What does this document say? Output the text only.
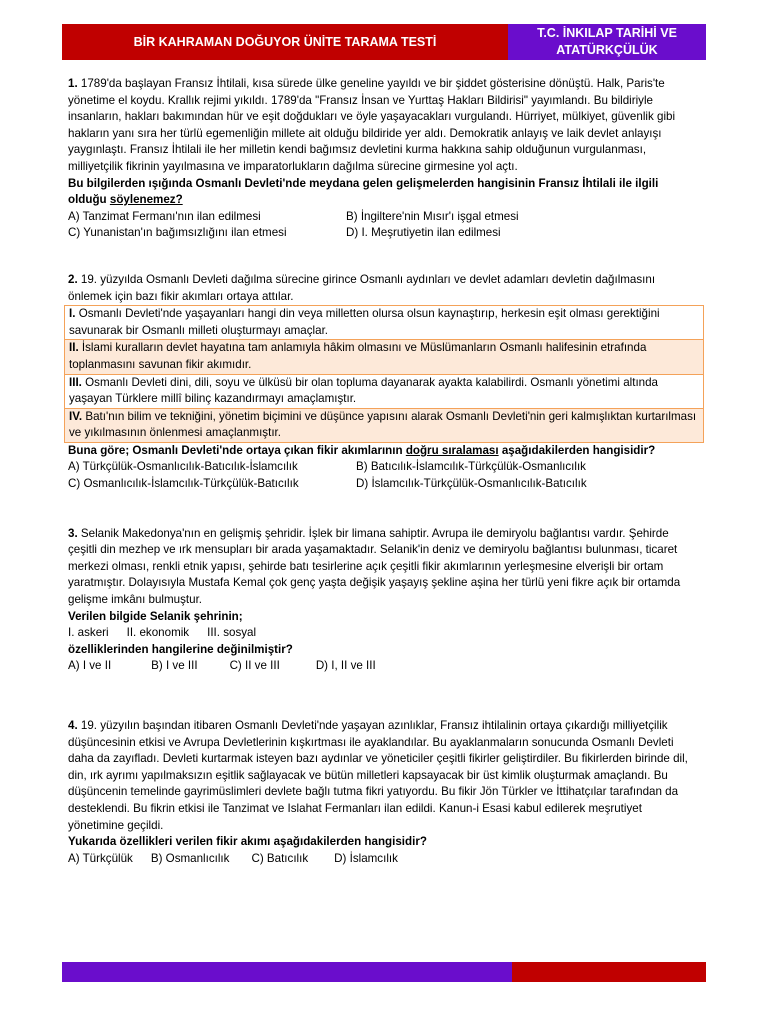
BİR KAHRAMAN DOĞUYOR ÜNİTE TARAMA TESTİ
T.C. İNKILAP TARİHİ VE
ATATÜRKÇÜLÜK
1. 1789'da başlayan Fransız İhtilali, kısa sürede ülke geneline yayıldı ve bir şiddet gösterisine dönüştü. Halk, Paris'te yönetime el koydu. Krallık rejimi yıkıldı. 1789'da "Fransız İnsan ve Yurttaş Hakları Bildirisi" yayımlandı. Bu bildiriyle insanların, hakları bakımından hür ve eşit doğdukları ve öyle yaşayacakları vurgulandı. Hürriyet, mülkiyet, güvenlik gibi hakların yanı sıra her türlü egemenliğin millete ait olduğu bildiride yer aldı. Demokratik anlayış ve laik devlet anlayışı yaygınlaştı. Fransız İhtilali ile her milletin kendi bağımsız devletini kurma hakkına sahip olduğunun vurgulanması, milliyetçilik fikrinin yayılmasına ve imparatorlukların dağılma sürecine girmesine yol açtı.
Bu bilgilerden ışığında Osmanlı Devleti'nde meydana gelen gelişmelerden hangisinin Fransız İhtilali ile ilgili olduğu söylenemez?
A) Tanzimat Fermanı'nın ilan edilmesi	B) İngiltere'nin Mısır'ı işgal etmesi
C) Yunanistan'ın bağımsızlığını ilan etmesi	D) I. Meşrutiyetin ilan edilmesi
2. 19. yüzyılda Osmanlı Devleti dağılma sürecine girince Osmanlı aydınları ve devlet adamları devletin dağılmasını önlemek için bazı fikir akımları ortaya attılar.
I. Osmanlı Devleti'nde yaşayanları hangi din veya milletten olursa olsun kaynaştırıp, herkesin eşit olması gerektiğini savunarak bir Osmanlı milleti oluşturmayı amaçlar.
II. İslami kuralların devlet hayatına tam anlamıyla hâkim olmasını ve Müslümanların Osmanlı halifesinin etrafında toplanmasını savunan fikir akımıdır.
III. Osmanlı Devleti dini, dili, soyu ve ülküsü bir olan topluma dayanarak ayakta kalabilirdi. Osmanlı yönetimi altında yaşayan Türklere millî bilinç kazandırmayı amaçlamıştır.
IV. Batı'nın bilim ve tekniğini, yönetim biçimini ve düşünce yapısını alarak Osmanlı Devleti'nin geri kalmışlıktan kurtarılması ve yıkılmasının önlenmesi amaçlanmıştır.
Buna göre; Osmanlı Devleti'nde ortaya çıkan fikir akımlarının doğru sıralaması aşağıdakilerden hangisidir?
A) Türkçülük-Osmanlıcılık-Batıcılık-İslamcılık	B) Batıcılık-İslamcılık-Türkçülük-Osmanlıcılık
C) Osmanlıcılık-İslamcılık-Türkçülük-Batıcılık	D) İslamcılık-Türkçülük-Osmanlıcılık-Batıcılık
3. Selanik Makedonya'nın en gelişmiş şehridir. İşlek bir limana sahiptir. Avrupa ile demiryolu bağlantısı vardır. Şehirde çeşitli din mezhep ve ırk mensupları bir arada yaşamaktadır. Selanik'in deniz ve demiryolu bağlantısı bulunması, ticaret merkezi olması, renkli etnik yapısı, şehirde batı tesirlerine açık çeşitli fikir akımlarının yerleşmesine elverişli bir ortam yaratmıştır. Dolayısıyla Mustafa Kemal çok genç yaşta değişik yaşayış şekline aşina her türlü yeni fikre açık bir ortamda gelişme imkânı bulmuştur.
Verilen bilgide Selanik şehrinin;
I. askeri II. ekonomik III. sosyal
özelliklerinden hangilerine değinilmiştir?
A) I ve II	B) I ve III	C) II ve III	D) I, II ve III
4. 19. yüzyılın başından itibaren Osmanlı Devleti'nde yaşayan azınlıklar, Fransız ihtilalinin ortaya çıkardığı milliyetçilik düşüncesinin etkisi ve Avrupa Devletlerinin kışkırtması ile ayaklandılar. Bu ayaklanmaların sonucunda Osmanlı Devleti daha da zayıfladı. Devleti kurtarmak isteyen bazı aydınlar ve yöneticiler çeşitli fikirler geliştirdiler. Bu fikirlerden birinde dil, din, ırk ayrımı yapılmaksızın eşitlik sağlayacak ve bütün milletleri kapsayacak bir üst kimlik oluşturmak amaçlandı. Bu düşüncenin temelinde gayrimüslimleri devlete bağlı tutma fikri yatıyordu. Bu fikir Jön Türkler ve İttihatçılar tarafından da desteklendi. Bu fikrin etkisi ile Tanzimat ve Islahat Fermanları ilan edildi. Kanun-i Esasi kabul edilerek meşrutiyet yönetimine geçildi.
Yukarıda özellikleri verilen fikir akımı aşağıdakilerden hangisidir?
A) Türkçülük B) Osmanlıcılık C) Batıcılık D) İslamcılık
